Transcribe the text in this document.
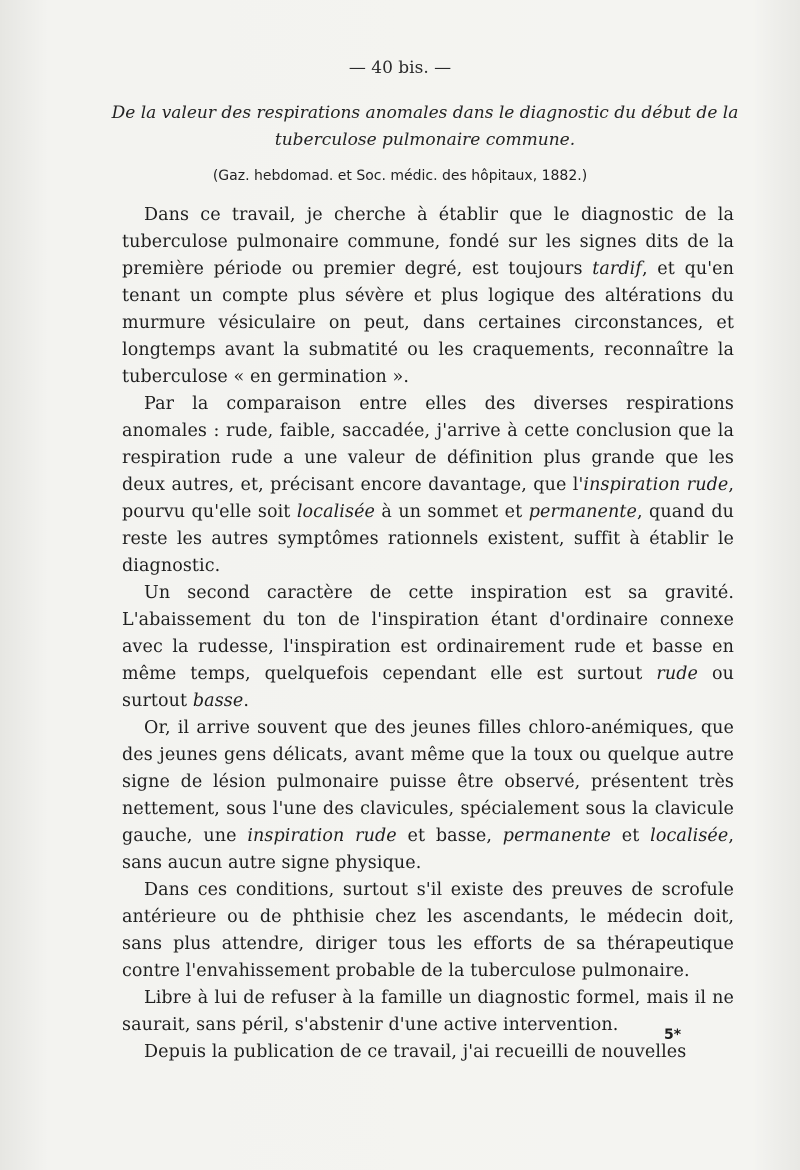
— 40 bis. —
De la valeur des respirations anomales dans le diagnostic du début de la tuberculose pulmonaire commune.
(Gaz. hebdomad. et Soc. médic. des hôpitaux, 1882.)

Dans ce travail, je cherche à établir que le diagnostic de la tuberculose pulmonaire commune, fondé sur les signes dits de la première période ou premier degré, est toujours tardif, et qu'en tenant un compte plus sévère et plus logique des altérations du murmure vésiculaire on peut, dans certaines circonstances, et longtemps avant la submatité ou les craquements, reconnaître la tuberculose « en germination ».

Par la comparaison entre elles des diverses respirations anomales : rude, faible, saccadée, j'arrive à cette conclusion que la respiration rude a une valeur de définition plus grande que les deux autres, et, précisant encore davantage, que l'inspiration rude, pourvu qu'elle soit localisée à un sommet et permanente, quand du reste les autres symptômes rationnels existent, suffit à établir le diagnostic.

Un second caractère de cette inspiration est sa gravité. L'abaissement du ton de l'inspiration étant d'ordinaire connexe avec la rudesse, l'inspiration est ordinairement rude et basse en même temps, quelquefois cependant elle est surtout rude ou surtout basse.

Or, il arrive souvent que des jeunes filles chloro-anémiques, que des jeunes gens délicats, avant même que la toux ou quelque autre signe de lésion pulmonaire puisse être observé, présentent très nettement, sous l'une des clavicules, spécialement sous la clavicule gauche, une inspiration rude et basse, permanente et localisée, sans aucun autre signe physique.

Dans ces conditions, surtout s'il existe des preuves de scrofule antérieure ou de phthisie chez les ascendants, le médecin doit, sans plus attendre, diriger tous les efforts de sa thérapeutique contre l'envahissement probable de la tuberculose pulmonaire.

Libre à lui de refuser à la famille un diagnostic formel, mais il ne saurait, sans péril, s'abstenir d'une active intervention.

Depuis la publication de ce travail, j'ai recueilli de nouvelles

5*
